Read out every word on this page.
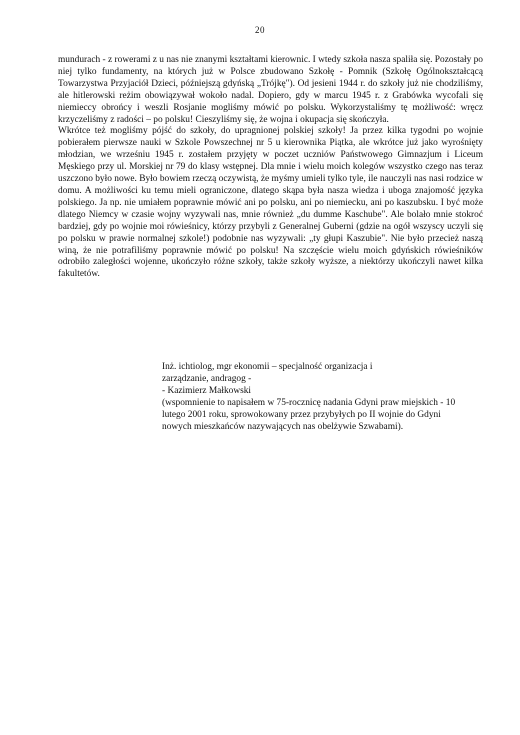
20

mundurach - z rowerami z u nas nie znanymi kształtami kierownic. I wtedy szkoła nasza spaliła się. Pozostały po niej tylko fundamenty, na których już w Polsce zbudowano Szkołę - Pomnik (Szkołę Ogólnokształcącą Towarzystwa Przyjaciół Dzieci, późniejszą gdyńską „Trójkę"). Od jesieni 1944 r. do szkoły już nie chodziliśmy, ale hitlerowski reżim obowiązywał wokoło nadal. Dopiero, gdy w marcu 1945 r. z Grabówka wycofali się niemieccy obrońcy i weszli Rosjanie mogliśmy mówić po polsku. Wykorzystaliśmy tę możliwość: wręcz krzyczeliśmy z radości – po polsku! Cieszyliśmy się, że wojna i okupacja się skończyła.

Wkrótce też mogliśmy pójść do szkoły, do upragnionej polskiej szkoły! Ja przez kilka tygodni po wojnie pobierałem pierwsze nauki w Szkole Powszechnej nr 5 u kierownika Piątka, ale wkrótce już jako wyrośnięty młodzian, we wrześniu 1945 r. zostałem przyjęty w poczet uczniów Państwowego Gimnazjum i Liceum Męskiego przy ul. Morskiej nr 79 do klasy wstępnej. Dla mnie i wielu moich kolegów wszystko czego nas teraz uszczono było nowe. Było bowiem rzeczą oczywistą, że myśmy umieli tylko tyle, ile nauczyli nas nasi rodzice w domu. A możliwości ku temu mieli ograniczone, dlatego skąpa była nasza wiedza i uboga znajomość języka polskiego. Ja np. nie umiałem poprawnie mówić ani po polsku, ani po niemiecku, ani po kaszubsku. I być może dlatego Niemcy w czasie wojny wyzywali nas, mnie również „du dumme Kaschube". Ale bolało mnie stokroć bardziej, gdy po wojnie moi rówieśnicy, którzy przybyli z Generalnej Guberni (gdzie na ogół wszyscy uczyli się po polsku w prawie normalnej szkole!) podobnie nas wyzywali: „ty głupi Kaszubie". Nie było przecież naszą winą, że nie potrafiliśmy poprawnie mówić po polsku! Na szczęście wielu moich gdyńskich rówieśników odrobiło zaległości wojenne, ukończyło różne szkoły, także szkoły wyższe, a niektórzy ukończyli nawet kilka fakultetów.

Inż. ichtiolog, mgr ekonomii – specjalność organizacja i
zarządzanie, andragog -
- Kazimierz Małkowski
(wspomnienie to napisałem w 75-rocznicę nadania Gdyni praw miejskich - 10 lutego 2001 roku, sprowokowany przez przybyłych po II wojnie do Gdyni nowych mieszkańców nazywających nas obelżywie Szwabami).
